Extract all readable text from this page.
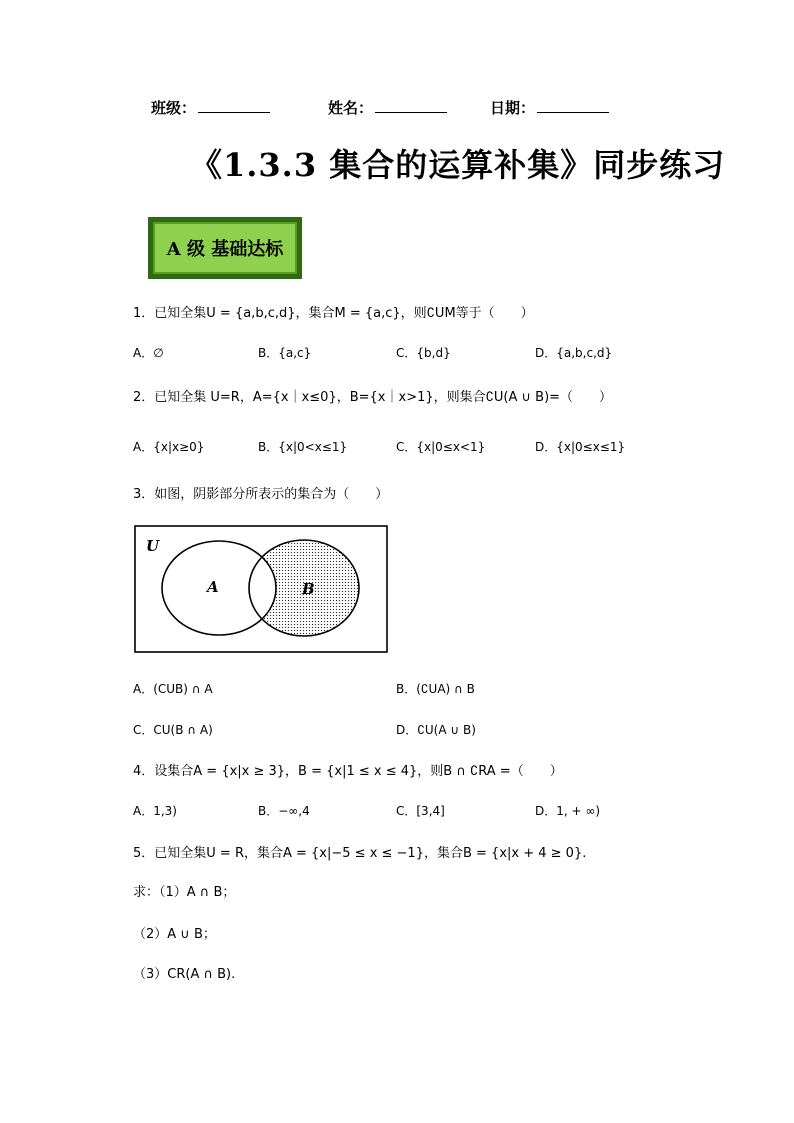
班级：	姓名：	日期：
《1.3.3 集合的运算补集》同步练习
A 级 基础达标
1．已知全集U = {a,b,c,d}，集合M = {a,c}，则∁UM等于（　　）
A．∅	B．{a,c}	C．{b,d}	D．{a,b,c,d}
2．已知全集 U=R，A={x｜x≤0}，B={x｜x>1}，则集合∁U(A ∪ B)=（　　）
A．{x|x≥0}	B．{x|0<x≤1}	C．{x|0≤x<1}	D．{x|0≤x≤1}
3．如图，阴影部分所表示的集合为（　　）
U
A	B
A．(CUB) ∩ A	B．(∁UA) ∩ B
C．CU(B ∩ A)	D．∁U(A ∪ B)
4．设集合A = {x|x ≥ 3}，B = {x|1 ≤ x ≤ 4}，则B ∩ ∁RA =（　　）
A．1,3)	B．−∞,4	C．[3,4]	D．1, + ∞)
5．已知全集U = R，集合A = {x|−5 ≤ x ≤ −1}，集合B = {x|x + 4 ≥ 0}.
求：（1）A ∩ B；
（2）A ∪ B；
（3）CR(A ∩ B).
